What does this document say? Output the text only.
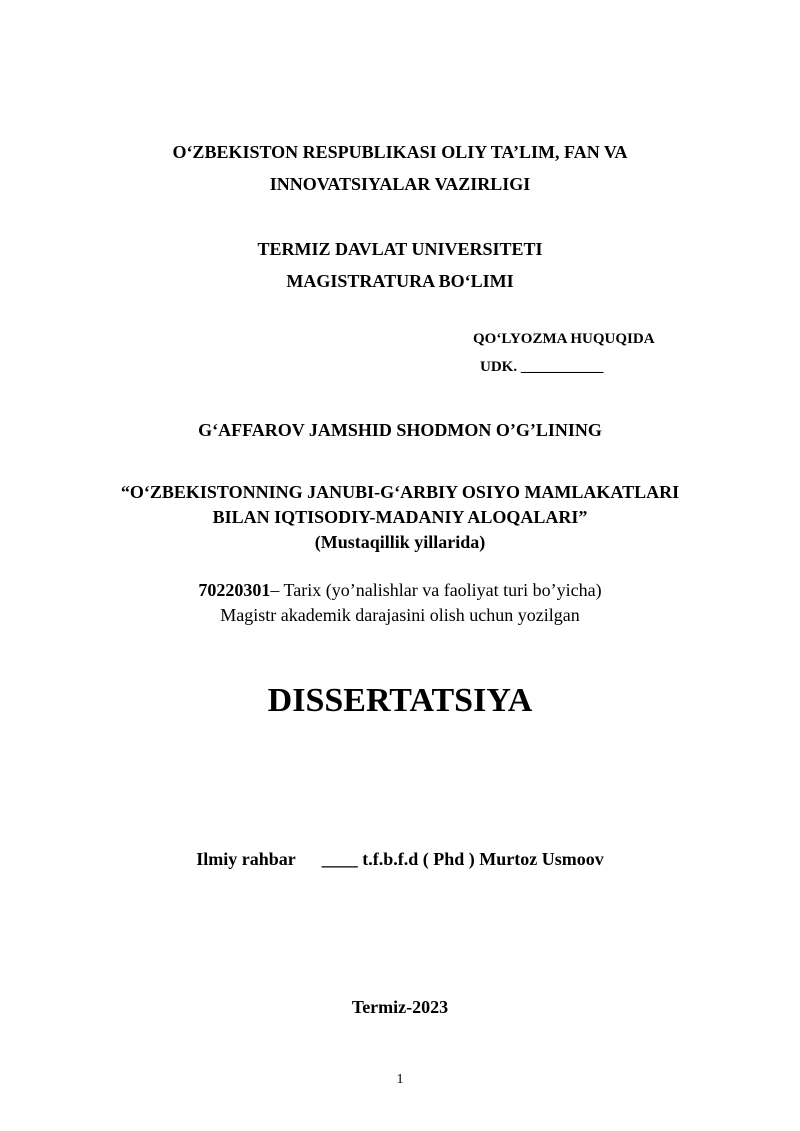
O‘ZBEKISTON RESPUBLIKASI OLIY TA’LIM, FAN VA
INNOVATSIYALAR VAZIRLIGI
TERMIZ DAVLAT UNIVERSITETI
MAGISTRATURA BO‘LIMI
QO‘LYOZMA HUQUQIDA
UDK. ___________
G‘AFFAROV JAMSHID SHODMON O’G’LINING
“O‘ZBEKISTONNING JANUBI-G‘ARBIY OSIYO MAMLAKATLARI
BILAN IQTISODIY-MADANIY ALOQALARI”
(Mustaqillik yillarida)
70220301– Tarix (yo’nalishlar va faoliyat turi bo’yicha)
Magistr akademik darajasini olish uchun yozilgan
DISSERTATSIYA
Ilmiy rahbar ____ t.f.b.f.d ( Phd ) Murtoz Usmoov
Termiz-2023
1
